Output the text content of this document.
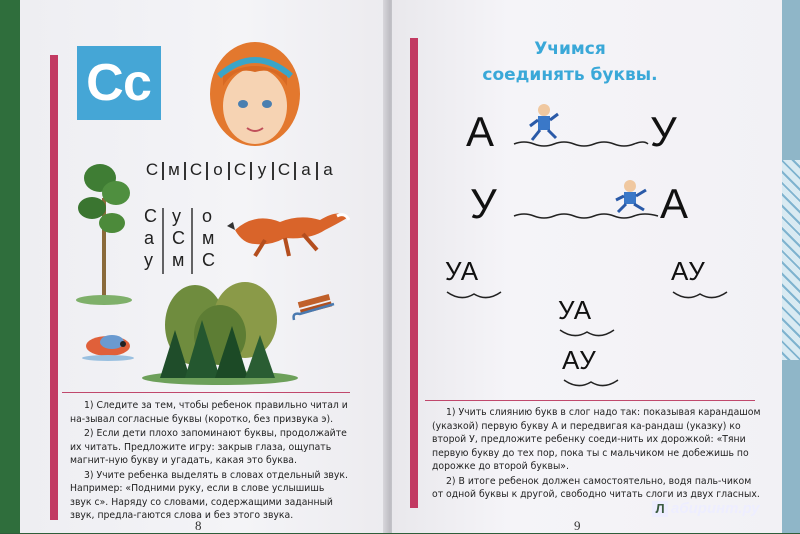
Сс
С м С о С у С а а
С у о
а С м
у м С

1) Следите за тем, чтобы ребенок правильно читал и на-зывал согласные буквы (коротко, без призвука э).

2) Если дети плохо запоминают буквы, продолжайте их читать. Предложите игру: закрыв глаза, ощупать магнит-ную букву и угадать, какая это буква.

3) Учите ребенка выделять в словах отдельный звук. Например: «Подними руку, если в слове услышишь звук с». Наряду со словами, содержащими заданный звук, предла-гаются слова и без этого звука.

8
Учимся
соединять буквы.
А	У
У	А
УА	АУ
УА
АУ

1) Учить слиянию букв в слог надо так: показывая карандашом (указкой) первую букву А и передвигая ка-рандаш (указку) ко второй У, предложите ребенку соеди-нить их дорожкой: «Тяни первую букву до тех пор, пока ты с мальчиком не добежишь по дорожке до второй буквы».

2) В итоге ребенок должен самостоятельно, водя паль-чиком от одной буквы к другой, свободно читать слоги из двух гласных.

9
Л абиринт.ру
